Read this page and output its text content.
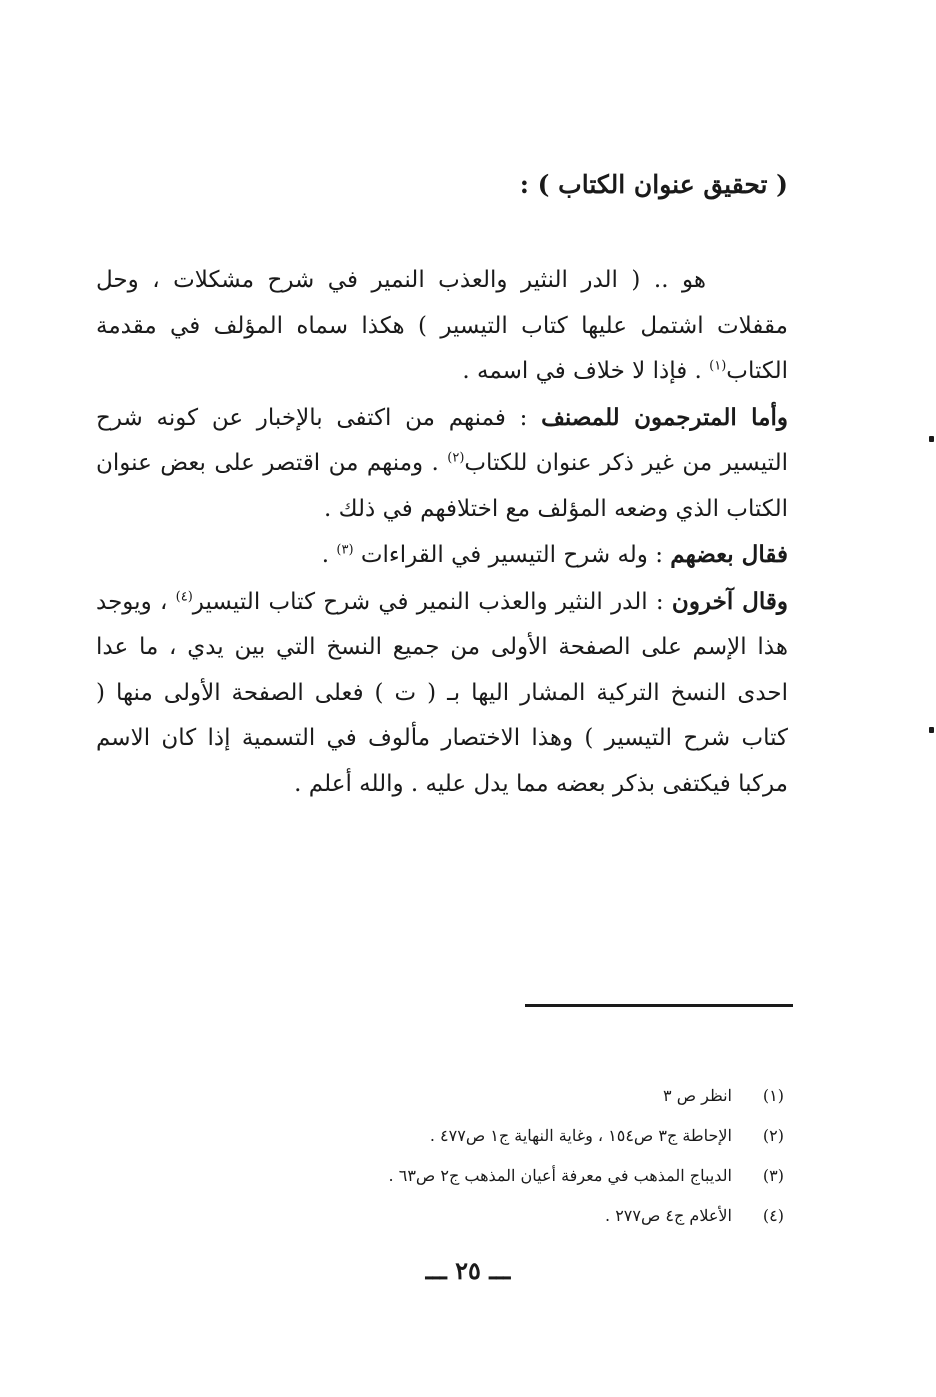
( تحقيق عنوان الكتاب ) :

هو .. ( الدر النثير والعذب النمير في شرح مشكلات ، وحل مقفلات اشتمل عليها كتاب التيسير ) هكذا سماه المؤلف في مقدمة الكتاب$^{(١)}$ . فإذا لا خلاف في اسمه .

وأما المترجمون للمصنف : فمنهم من اكتفى بالإخبار عن كونه شرح التيسير من غير ذكر عنوان للكتاب$^{(٢)}$ . ومنهم من اقتصر على بعض عنوان الكتاب الذي وضعه المؤلف مع اختلافهم في ذلك .

فقال بعضهم : وله شرح التيسير في القراءات $^{(٣)}$ .

وقال آخرون : الدر النثير والعذب النمير في شرح كتاب التيسير$^{(٤)}$ ، ويوجد هذا الإسم على الصفحة الأولى من جميع النسخ التي بين يدي ، ما عدا احدى النسخ التركية المشار اليها بـ ( ت ) فعلى الصفحة الأولى منها ( كتاب شرح التيسير ) وهذا الاختصار مألوف في التسمية إذا كان الاسم مركبا فيكتفى بذكر بعضه مما يدل عليه . والله أعلم .

(١)
انظر ص ٣
(٢)
الإحاطة ج٣ ص١٥٤ ، وغاية النهاية ج١ ص٤٧٧ .
(٣)
الديباج المذهب في معرفة أعيان المذهب ج٢ ص٦٣ .
(٤)
الأعلام ج٤ ص٢٧٧ .
ـــ ٢٥ ـــ
